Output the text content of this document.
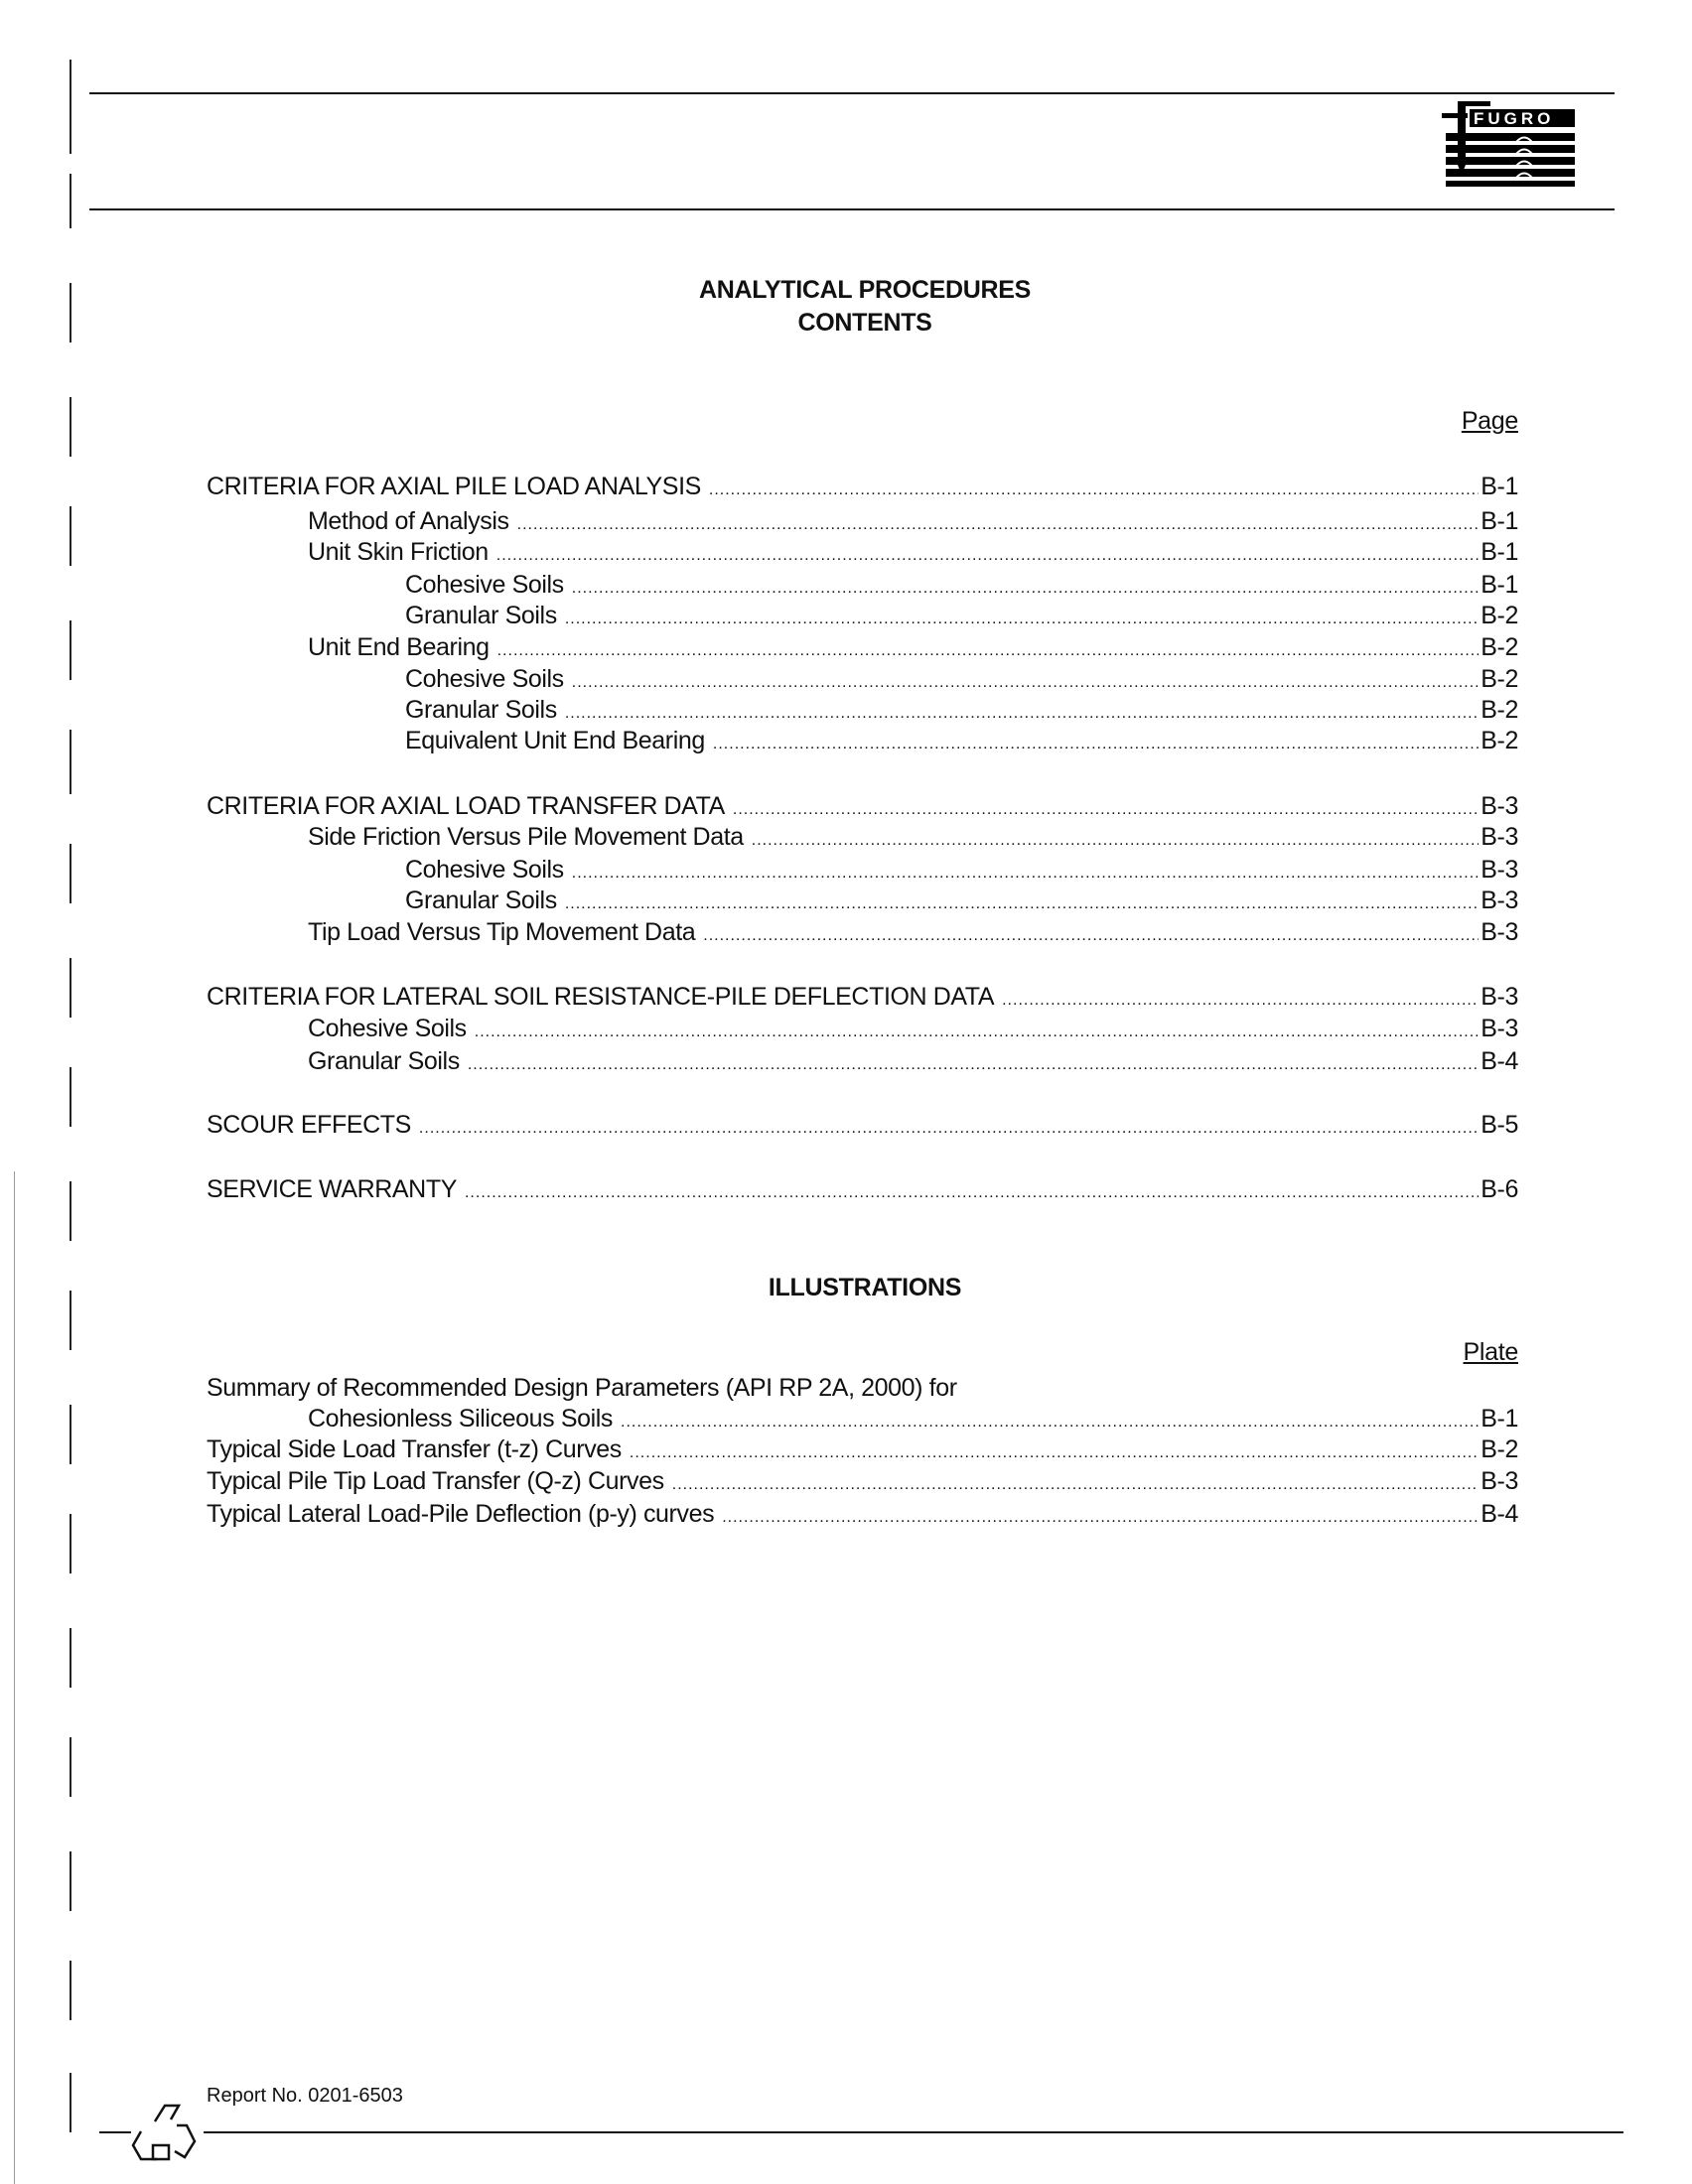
FUGRO
ANALYTICAL PROCEDURES
CONTENTS
Page
CRITERIA FOR AXIAL PILE LOAD ANALYSIS .....	B-1
Method of Analysis .....	B-1
Unit Skin Friction .....	B-1
Cohesive Soils .....	B-1
Granular Soils .....	B-2
Unit End Bearing .....	B-2
Cohesive Soils .....	B-2
Granular Soils .....	B-2
Equivalent Unit End Bearing .....	B-2
CRITERIA FOR AXIAL LOAD TRANSFER DATA .....	B-3
Side Friction Versus Pile Movement Data .....	B-3
Cohesive Soils .....	B-3
Granular Soils .....	B-3
Tip Load Versus Tip Movement Data .....	B-3
CRITERIA FOR LATERAL SOIL RESISTANCE-PILE DEFLECTION DATA .....	B-3
Cohesive Soils .....	B-3
Granular Soils .....	B-4
SCOUR EFFECTS .....	B-5
SERVICE WARRANTY .....	B-6
ILLUSTRATIONS
Plate
Summary of Recommended Design Parameters (API RP 2A, 2000) for
Cohesionless Siliceous Soils .....	B-1
Typical Side Load Transfer (t-z) Curves .....	B-2
Typical Pile Tip Load Transfer (Q-z) Curves .....	B-3
Typical Lateral Load-Pile Deflection (p-y) curves .....	B-4
Report No. 0201-6503
